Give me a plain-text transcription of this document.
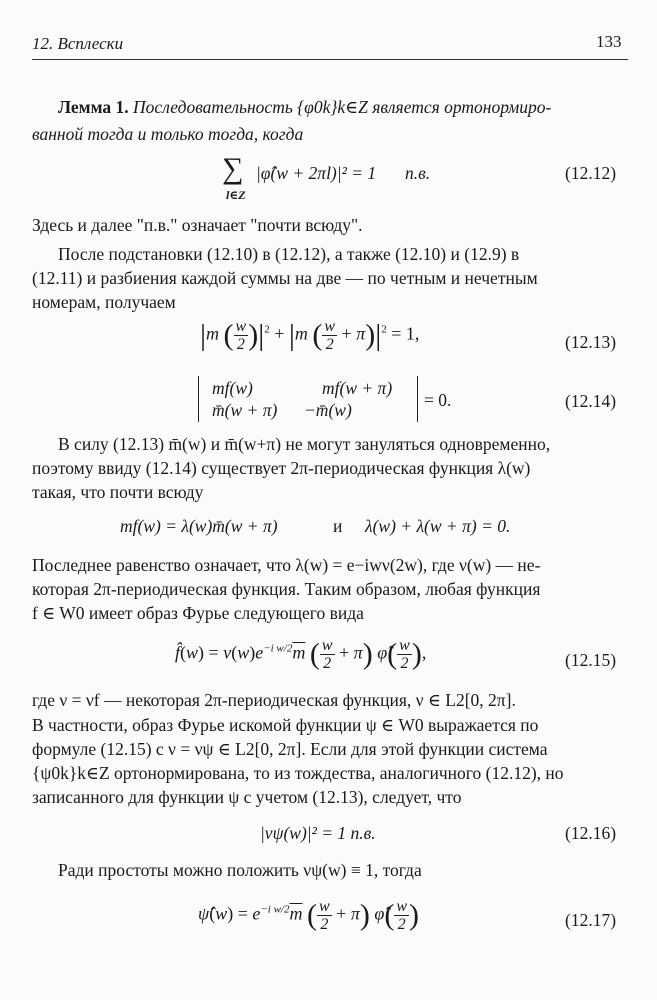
12. Всплески	133
Лемма 1. Последовательность {φ0k}k∈Z является ортонормиро-
ванной тогда и только тогда, когда
∑
l∈Z
|φ̂(w + 2πl)|² = 1 п.в.	(12.12)
Здесь и далее "п.в." означает "почти всюду".
После подстановки (12.10) в (12.12), а также (12.10) и (12.9) в
(12.11) и разбиения каждой суммы на две — по четным и нечетным
номерам, получаем
|m ( $\frac{w}{2} )|^2 + |m$ ( $\frac{w}{2} + \pi)|^2 = 1$,	(12.13)
mf(w)	mf(w + π)
m̄(w + π) −m̄(w)	= 0.	(12.14)
В силу (12.13) m̄(w) и m̄(w+π) не могут зануляться одновременно,
поэтому ввиду (12.14) существует 2π-периодическая функция λ(w)
такая, что почти всюду
mf(w) = λ(w)m̄(w + π)	и λ(w) + λ(w + π) = 0.
Последнее равенство означает, что λ(w) = e−iwν(2w), где ν(w) — не-
которая 2π-периодическая функция. Таким образом, любая функция
f ∈ W0 имеет образ Фурье следующего вида
f̂(w) = $\nu(w)e^{-i w/2}\overline{m}$ ( $\frac{w}{2} + \pi$) φ̂( $\frac{w}{2}$ ),	(12.15)
где ν = νf — некоторая 2π-периодическая функция, ν ∈ L2[0, 2π].
В частности, образ Фурье искомой функции ψ ∈ W0 выражается по
формуле (12.15) с ν = νψ ∈ L2[0, 2π]. Если для этой функции система
{ψ0k}k∈Z ортонормирована, то из тождества, аналогичного (12.12), но
записанного для функции ψ с учетом (12.13), следует, что
|νψ(w)|² = 1 п.в.	(12.16)
Ради простоты можно положить νψ(w) ≡ 1, тогда
ψ̂(w) = $e^{-i w/2}\overline{m}$ ( $\frac{w}{2} + \pi$) φ̂( $\frac{w}{2}$ )	(12.17)
